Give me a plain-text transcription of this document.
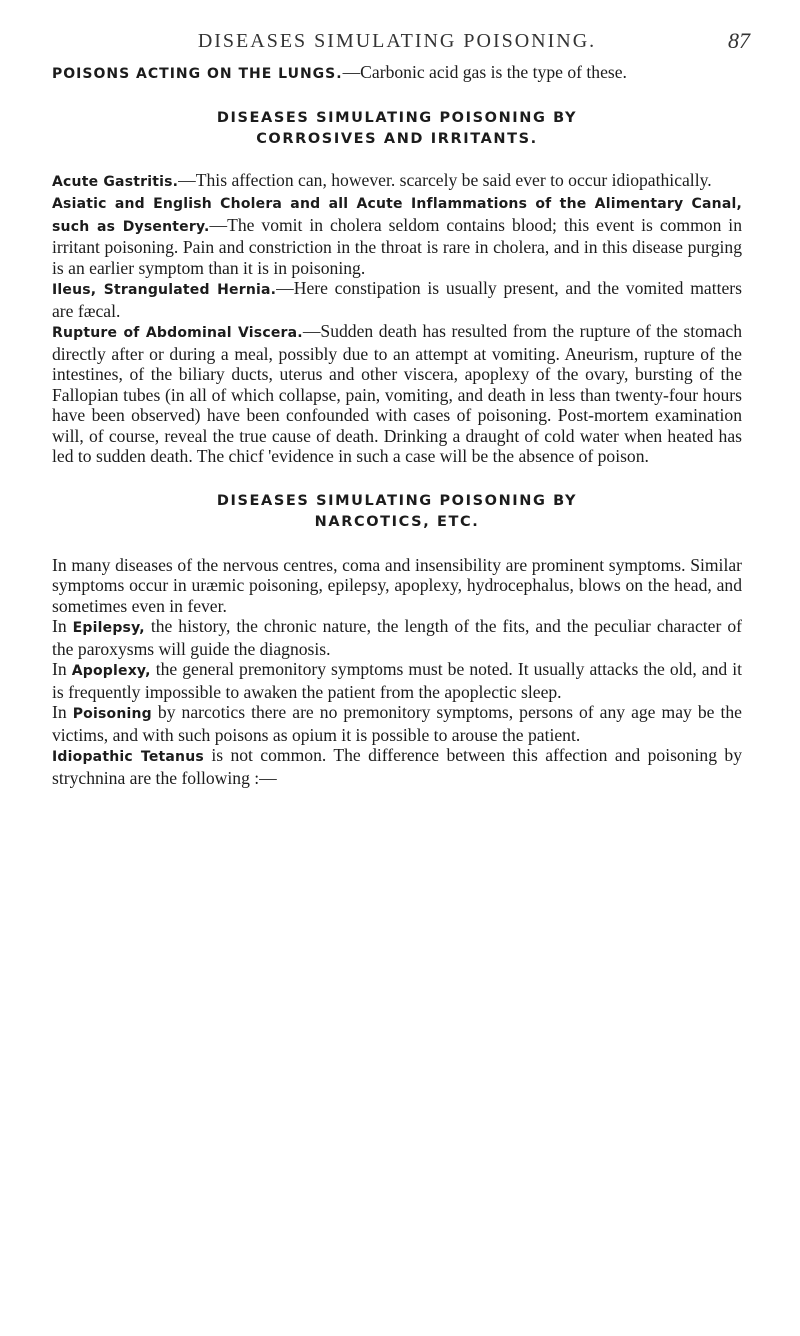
DISEASES SIMULATING POISONING.	87

POISONS ACTING ON THE LUNGS.—Carbonic acid gas is the type of these.

DISEASES SIMULATING POISONING BY
CORROSIVES AND IRRITANTS.

Acute Gastritis.—This affection can, however. scarcely be said ever to occur idiopathically.

Asiatic and English Cholera and all Acute Inflammations of the Alimentary Canal, such as Dysentery.—The vomit in cholera seldom contains blood; this event is common in irritant poisoning. Pain and constriction in the throat is rare in cholera, and in this disease purging is an earlier symptom than it is in poisoning.

Ileus, Strangulated Hernia.—Here constipation is usually present, and the vomited matters are fæcal.

Rupture of Abdominal Viscera.—Sudden death has resulted from the rupture of the stomach directly after or during a meal, possibly due to an attempt at vomiting. Aneurism, rupture of the intestines, of the biliary ducts, uterus and other viscera, apoplexy of the ovary, bursting of the Fallopian tubes (in all of which collapse, pain, vomiting, and death in less than twenty-four hours have been observed) have been confounded with cases of poisoning. Post-mortem examination will, of course, reveal the true cause of death. Drinking a draught of cold water when heated has led to sudden death. The chicf 'evidence in such a case will be the absence of poison.

DISEASES SIMULATING POISONING BY
NARCOTICS, ETC.

In many diseases of the nervous centres, coma and insensibility are prominent symptoms. Similar symptoms occur in uræmic poisoning, epilepsy, apoplexy, hydrocephalus, blows on the head, and sometimes even in fever.

In Epilepsy, the history, the chronic nature, the length of the fits, and the peculiar character of the paroxysms will guide the diagnosis.

In Apoplexy, the general premonitory symptoms must be noted. It usually attacks the old, and it is frequently impossible to awaken the patient from the apoplectic sleep.

In Poisoning by narcotics there are no premonitory symptoms, persons of any age may be the victims, and with such poisons as opium it is possible to arouse the patient.

Idiopathic Tetanus is not common. The difference between this affection and poisoning by strychnina are the following :—
